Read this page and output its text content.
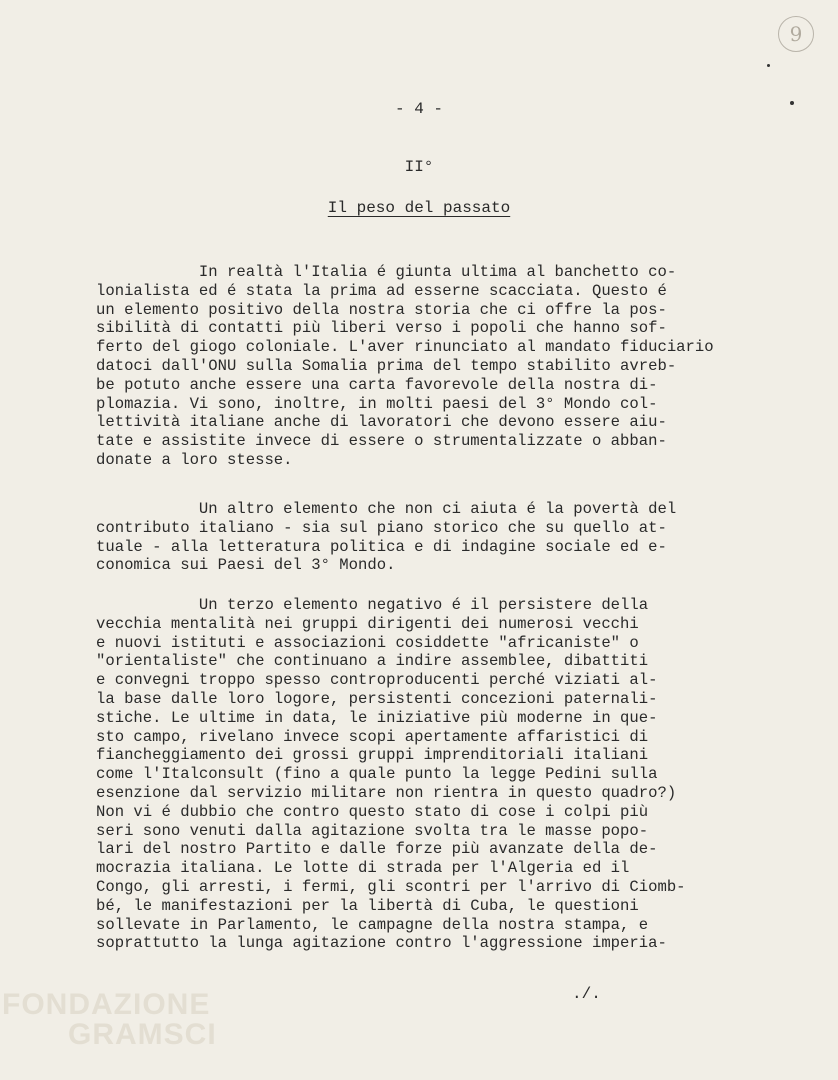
9
- 4 -
II°
Il peso del passato
In realtà l'Italia é giunta ultima al banchetto co-
lonialista ed é stata la prima ad esserne scacciata. Questo é
un elemento positivo della nostra storia che ci offre la pos-
sibilità di contatti più liberi verso i popoli che hanno sof-
ferto del giogo coloniale. L'aver rinunciato al mandato fiduciario
datoci dall'ONU sulla Somalia prima del tempo stabilito avreb-
be potuto anche essere una carta favorevole della nostra di-
plomazia. Vi sono, inoltre, in molti paesi del 3° Mondo col-
lettività italiane anche di lavoratori che devono essere aiu-
tate e assistite invece di essere o strumentalizzate o abban-
donate a loro stesse.
Un altro elemento che non ci aiuta é la povertà del
contributo italiano - sia sul piano storico che su quello at-
tuale - alla letteratura politica e di indagine sociale ed e-
conomica sui Paesi del 3° Mondo.
Un terzo elemento negativo é il persistere della
vecchia mentalità nei gruppi dirigenti dei numerosi vecchi
e nuovi istituti e associazioni cosiddette "africaniste" o
"orientaliste" che continuano a indire assemblee, dibattiti
e convegni troppo spesso controproducenti perché viziati al-
la base dalle loro logore, persistenti concezioni paternali-
stiche. Le ultime in data, le iniziative più moderne in que-
sto campo, rivelano invece scopi apertamente affaristici di
fiancheggiamento dei grossi gruppi imprenditoriali italiani
come l'Italconsult (fino a quale punto la legge Pedini sulla
esenzione dal servizio militare non rientra in questo quadro?)
Non vi é dubbio che contro questo stato di cose i colpi più
seri sono venuti dalla agitazione svolta tra le masse popo-
lari del nostro Partito e dalle forze più avanzate della de-
mocrazia italiana. Le lotte di strada per l'Algeria ed il
Congo, gli arresti, i fermi, gli scontri per l'arrivo di Ciomb-
bé, le manifestazioni per la libertà di Cuba, le questioni
sollevate in Parlamento, le campagne della nostra stampa, e
soprattutto la lunga agitazione contro l'aggressione imperia-
./.
FONDAZIONE
GRAMSCI
